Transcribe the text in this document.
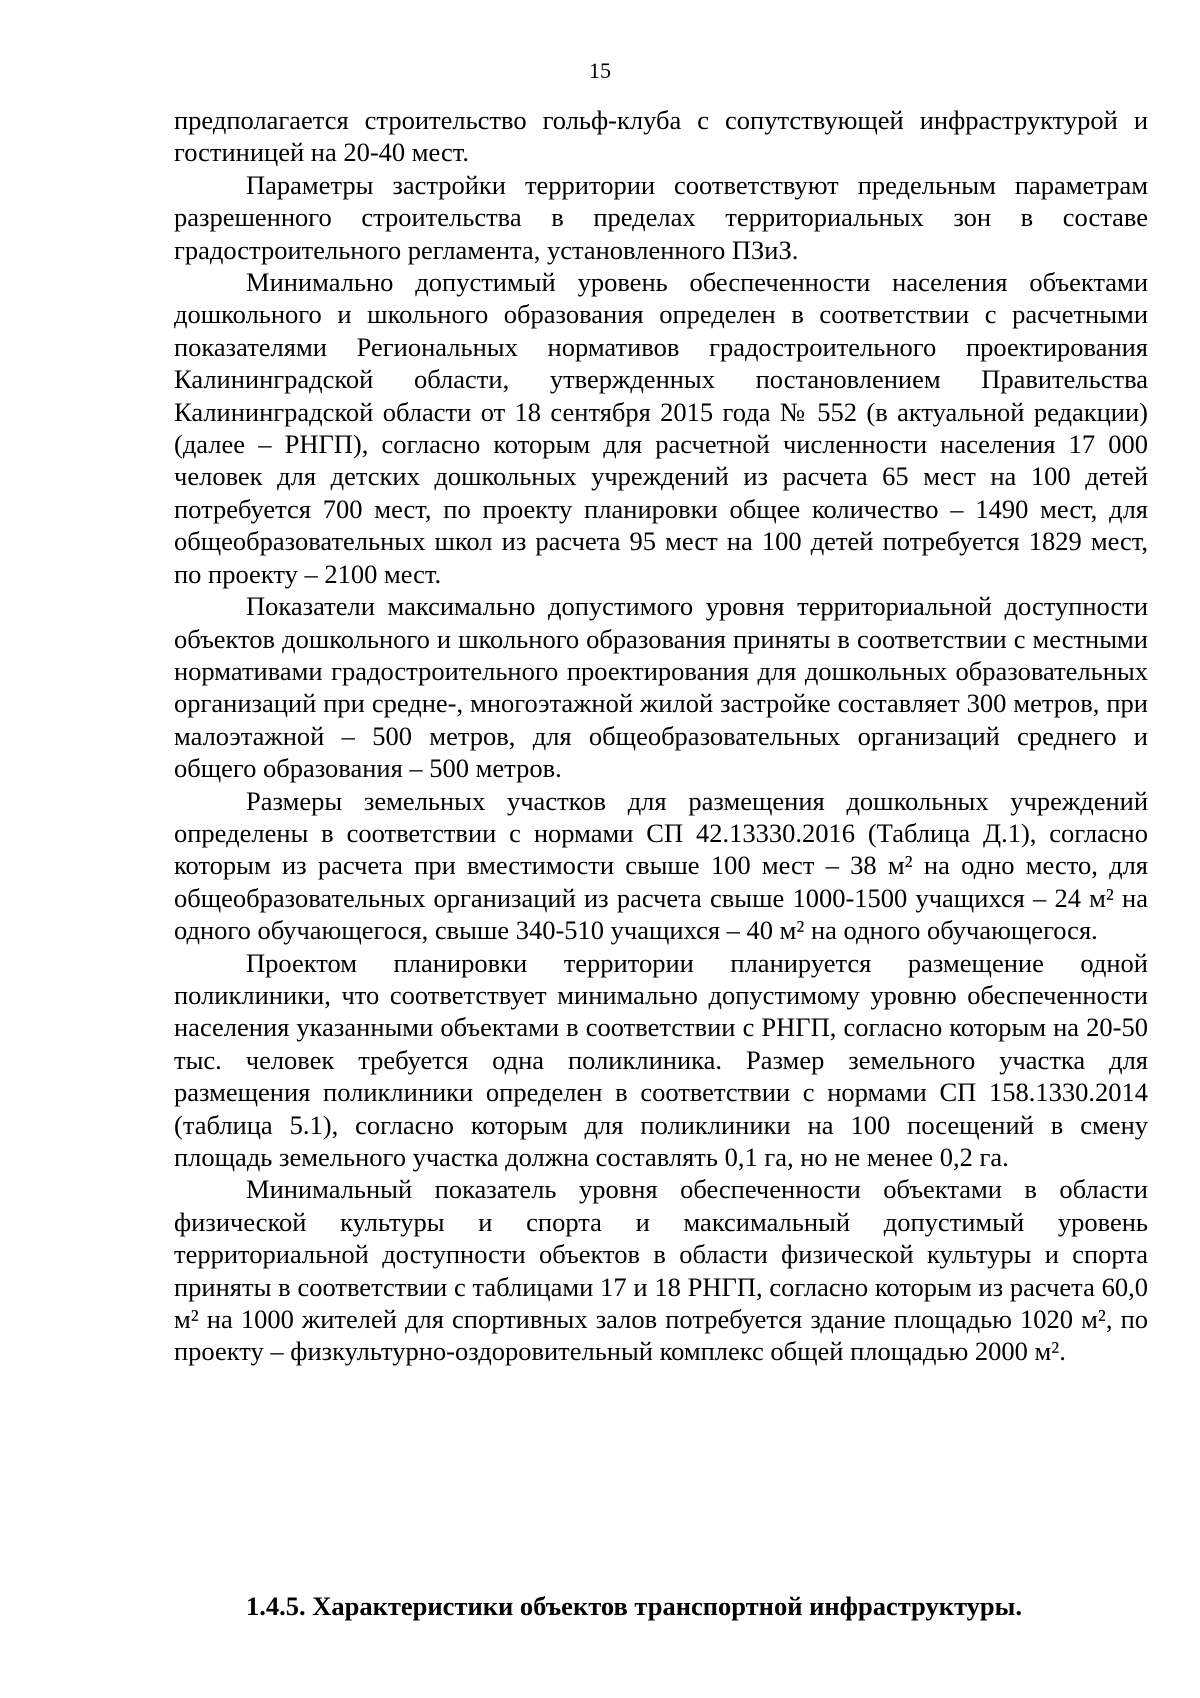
15

предполагается строительство гольф-клуба с сопутствующей инфраструктурой и гостиницей на 20-40 мест.

Параметры застройки территории соответствуют предельным параметрам разрешенного строительства в пределах территориальных зон в составе градостроительного регламента, установленного ПЗиЗ.

Минимально допустимый уровень обеспеченности населения объектами дошкольного и школьного образования определен в соответствии с расчетными показателями Региональных нормативов градостроительного проектирования Калининградской области, утвержденных постановлением Правительства Калининградской области от 18 сентября 2015 года № 552 (в актуальной редакции) (далее – РНГП), согласно которым для расчетной численности населения 17 000 человек для детских дошкольных учреждений из расчета 65 мест на 100 детей потребуется 700 мест, по проекту планировки общее количество – 1490 мест, для общеобразовательных школ из расчета 95 мест на 100 детей потребуется 1829 мест, по проекту – 2100 мест.

Показатели максимально допустимого уровня территориальной доступности объектов дошкольного и школьного образования приняты в соответствии с местными нормативами градостроительного проектирования для дошкольных образовательных организаций при средне-, многоэтажной жилой застройке составляет 300 метров, при малоэтажной – 500 метров, для общеобразовательных организаций среднего и общего образования – 500 метров.

Размеры земельных участков для размещения дошкольных учреждений определены в соответствии с нормами СП 42.13330.2016 (Таблица Д.1), согласно которым из расчета при вместимости свыше 100 мест – 38 м² на одно место, для общеобразовательных организаций из расчета свыше 1000-1500 учащихся – 24 м² на одного обучающегося, свыше 340-510 учащихся – 40 м² на одного обучающегося.

Проектом планировки территории планируется размещение одной поликлиники, что соответствует минимально допустимому уровню обеспеченности населения указанными объектами в соответствии с РНГП, согласно которым на 20-50 тыс. человек требуется одна поликлиника. Размер земельного участка для размещения поликлиники определен в соответствии с нормами СП 158.1330.2014 (таблица 5.1), согласно которым для поликлиники на 100 посещений в смену площадь земельного участка должна составлять 0,1 га, но не менее 0,2 га.

Минимальный показатель уровня обеспеченности объектами в области физической культуры и спорта и максимальный допустимый уровень территориальной доступности объектов в области физической культуры и спорта приняты в соответствии с таблицами 17 и 18 РНГП, согласно которым из расчета 60,0 м² на 1000 жителей для спортивных залов потребуется здание площадью 1020 м², по проекту – физкультурно-оздоровительный комплекс общей площадью 2000 м².

1.4.5. Характеристики объектов транспортной инфраструктуры.
